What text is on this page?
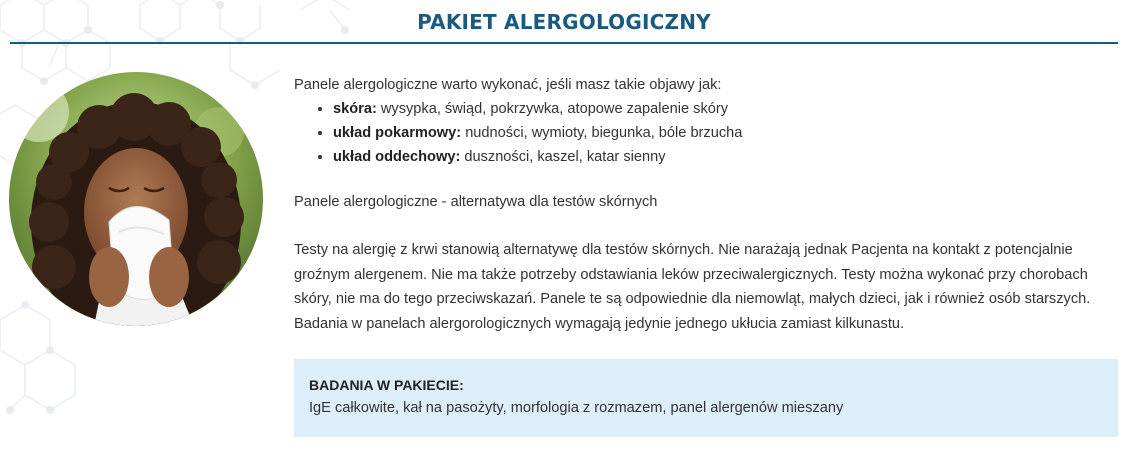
PAKIET ALERGOLOGICZNY

Panele alergologiczne warto wykonać, jeśli masz takie objawy jak:

• skóra: wysypka, świąd, pokrzywka, atopowe zapalenie skóry
• układ pokarmowy: nudności, wymioty, biegunka, bóle brzucha
• układ oddechowy: duszności, kaszel, katar sienny

Panele alergologiczne - alternatywa dla testów skórnych

Testy na alergię z krwi stanowią alternatywę dla testów skórnych. Nie narażają jednak Pacjenta na kontakt z potencjalnie groźnym alergenem. Nie ma także potrzeby odstawiania leków przeciwalergicznych. Testy można wykonać przy chorobach skóry, nie ma do tego przeciwskazań. Panele te są odpowiednie dla niemowląt, małych dzieci, jak i również osób starszych. Badania w panelach alergorologicznych wymagają jedynie jednego ukłucia zamiast kilkunastu.

BADANIA W PAKIECIE:

IgE całkowite, kał na pasożyty, morfologia z rozmazem, panel alergenów mieszany
